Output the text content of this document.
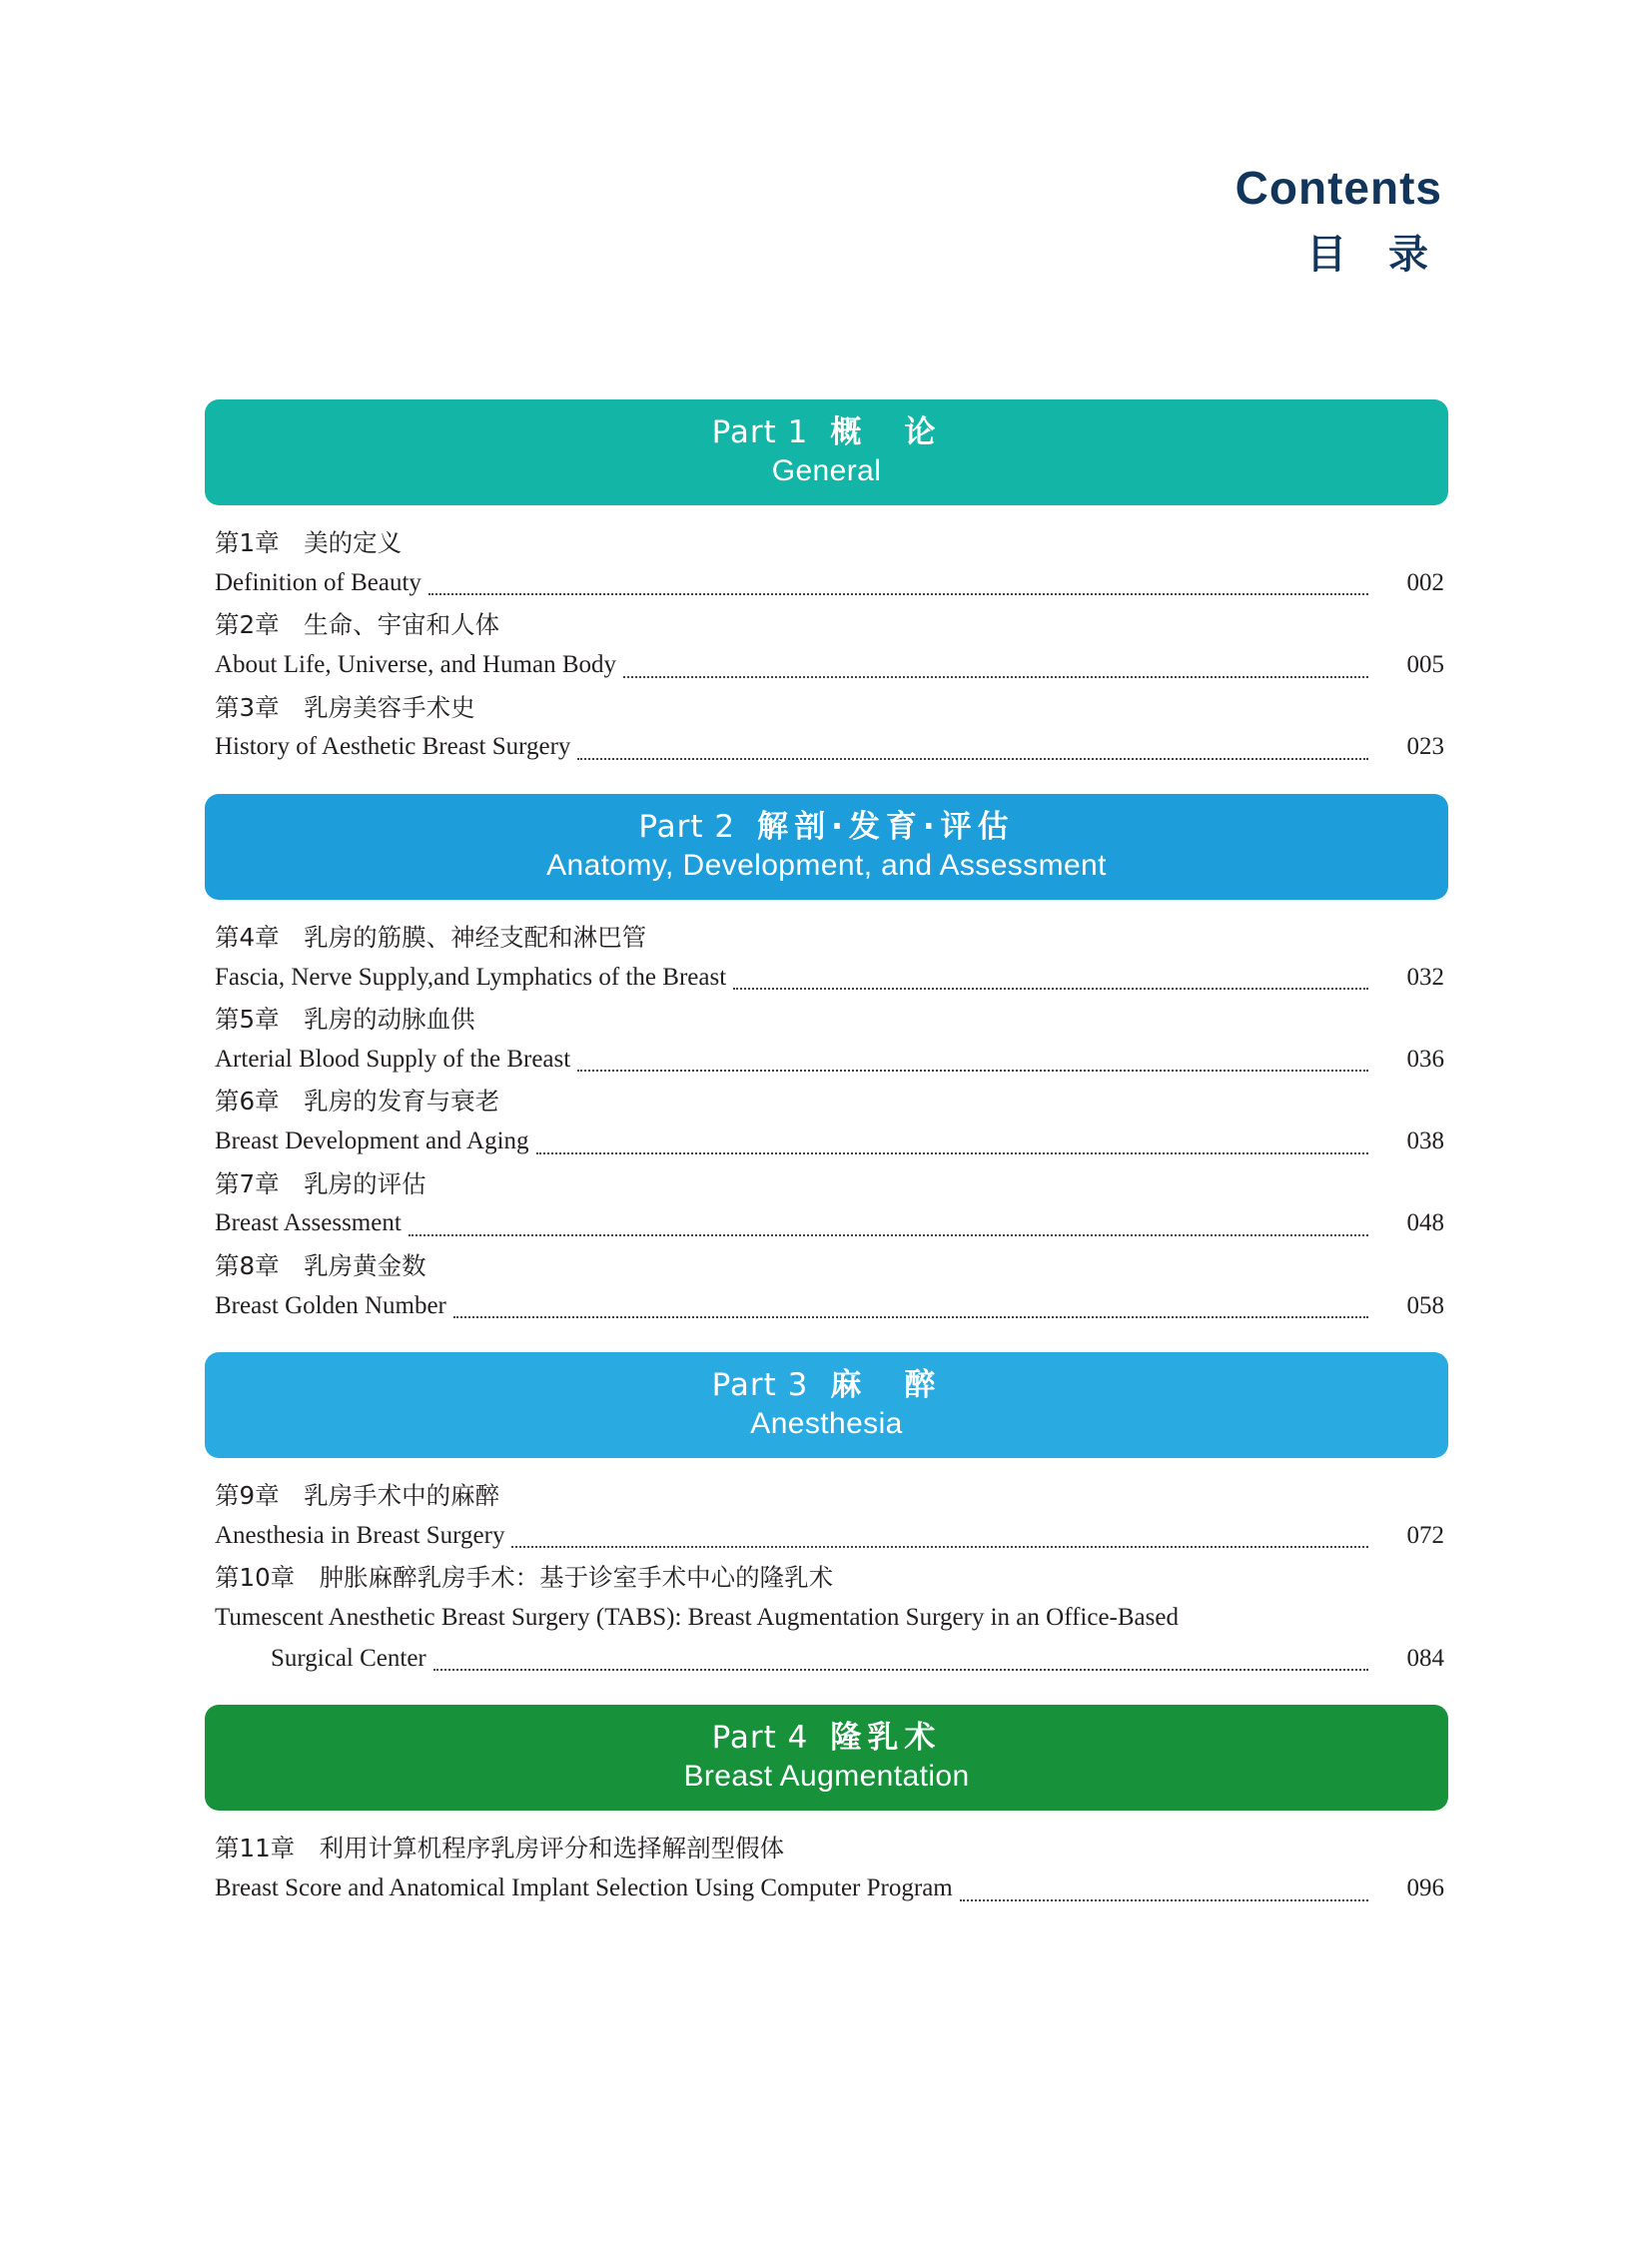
Contents
目 录
Part 1 概　论
General
第1章　美的定义
Definition of Beauty	002
第2章　生命、宇宙和人体
About Life, Universe, and Human Body	005
第3章　乳房美容手术史
History of Aesthetic Breast Surgery	023
Part 2 解剖·发育·评估
Anatomy, Development, and Assessment
第4章　乳房的筋膜、神经支配和淋巴管
Fascia, Nerve Supply,and Lymphatics of the Breast	032
第5章　乳房的动脉血供
Arterial Blood Supply of the Breast	036
第6章　乳房的发育与衰老
Breast Development and Aging	038
第7章　乳房的评估
Breast Assessment	048
第8章　乳房黄金数
Breast Golden Number	058
Part 3 麻　醉
Anesthesia
第9章　乳房手术中的麻醉
Anesthesia in Breast Surgery	072
第10章　肿胀麻醉乳房手术：基于诊室手术中心的隆乳术
Tumescent Anesthetic Breast Surgery (TABS): Breast Augmentation Surgery in an Office-Based
Surgical Center	084
Part 4 隆乳术
Breast Augmentation
第11章　利用计算机程序乳房评分和选择解剖型假体
Breast Score and Anatomical Implant Selection Using Computer Program	096
